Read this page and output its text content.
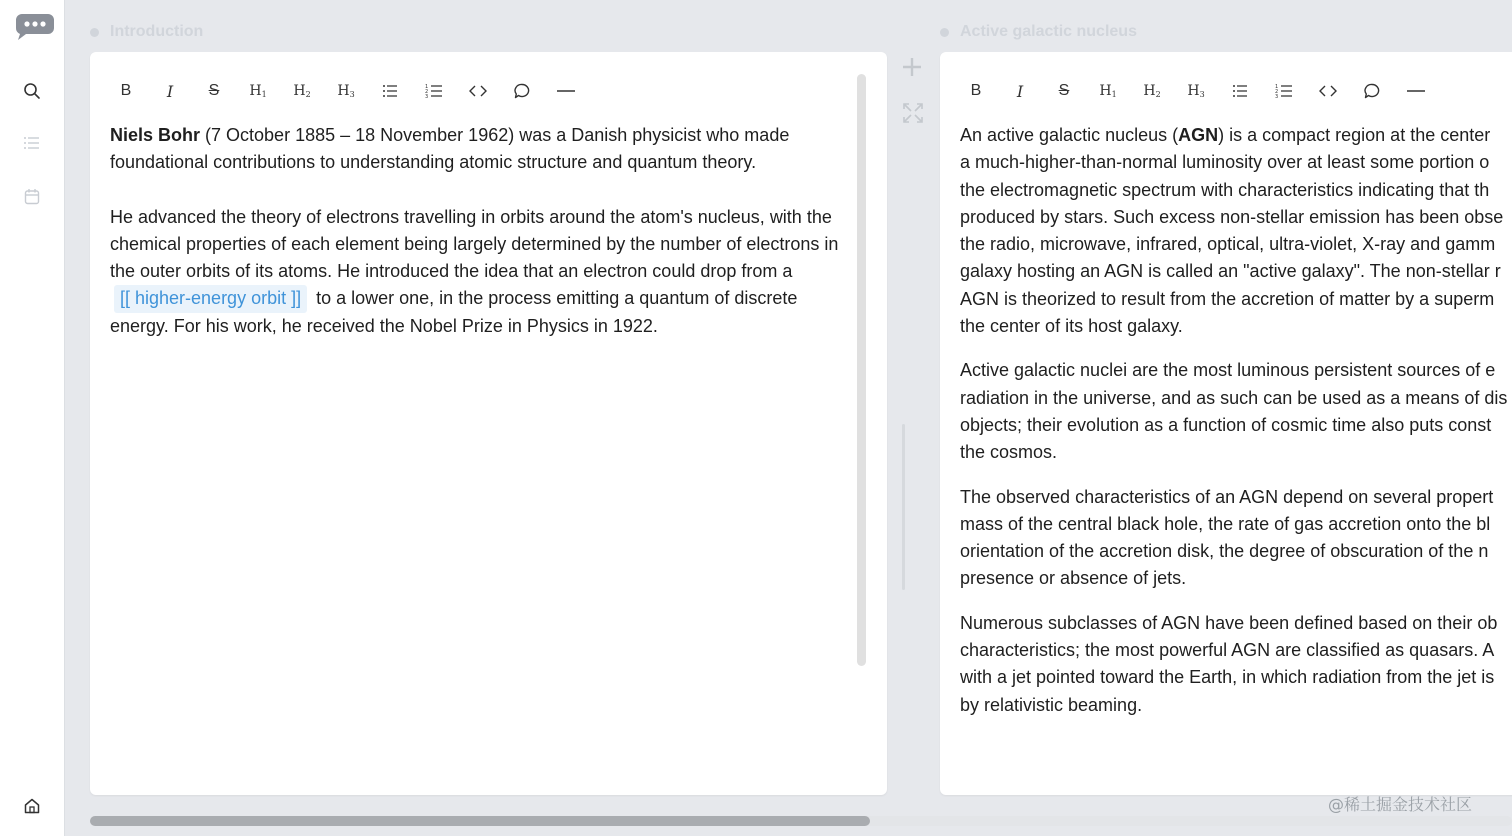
Introduction	Active galactic nucleus
B I S $H_1$ $H_2$ $H_3$
1
2
3

Niels Bohr (7 October 1885 – 18 November 1962) was a Danish physicist who made foundational contributions to understanding atomic structure and quantum theory.

He advanced the theory of electrons travelling in orbits around the atom's nucleus, with the chemical properties of each element being largely determined by the number of electrons in the outer orbits of its atoms. He introduced the idea that an electron could drop from a [[ higher-energy orbit ]] to a lower one, in the process emitting a quantum of discrete energy. For his work, he received the Nobel Prize in Physics in 1922.

B I S $H_1$ $H_2$ $H_3$
1
2
3

An active galactic nucleus (AGN) is a compact region at the center
a much-higher-than-normal luminosity over at least some portion o
the electromagnetic spectrum with characteristics indicating that th
produced by stars. Such excess non-stellar emission has been obse
the radio, microwave, infrared, optical, ultra-violet, X-ray and gamm
galaxy hosting an AGN is called an "active galaxy". The non-stellar r
AGN is theorized to result from the accretion of matter by a superm
the center of its host galaxy.

Active galactic nuclei are the most luminous persistent sources of e
radiation in the universe, and as such can be used as a means of dis
objects; their evolution as a function of cosmic time also puts const
the cosmos.

The observed characteristics of an AGN depend on several propert
mass of the central black hole, the rate of gas accretion onto the bl
orientation of the accretion disk, the degree of obscuration of the n
presence or absence of jets.

Numerous subclasses of AGN have been defined based on their ob
characteristics; the most powerful AGN are classified as quasars. A
with a jet pointed toward the Earth, in which radiation from the jet is
by relativistic beaming.

@稀土掘金技术社区
